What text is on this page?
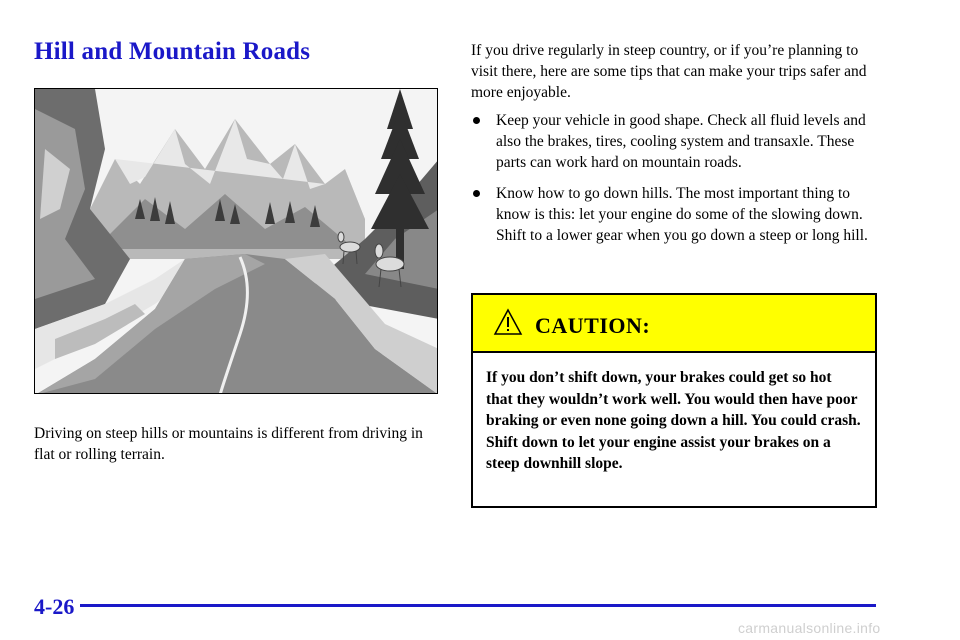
Hill and Mountain Roads

Driving on steep hills or mountains is different from driving in flat or rolling terrain.

If you drive regularly in steep country, or if you’re planning to visit there, here are some tips that can make your trips safer and more enjoyable.

Keep your vehicle in good shape. Check all fluid levels and also the brakes, tires, cooling system and transaxle. These parts can work hard on mountain roads.
Know how to go down hills. The most important thing to know is this: let your engine do some of the slowing down. Shift to a lower gear when you go down a steep or long hill.
CAUTION:
If you don’t shift down, your brakes could get so hot that they wouldn’t work well. You would then have poor braking or even none going down a hill. You could crash. Shift down to let your engine assist your brakes on a steep downhill slope.
4-26
carmanualsonline.info
